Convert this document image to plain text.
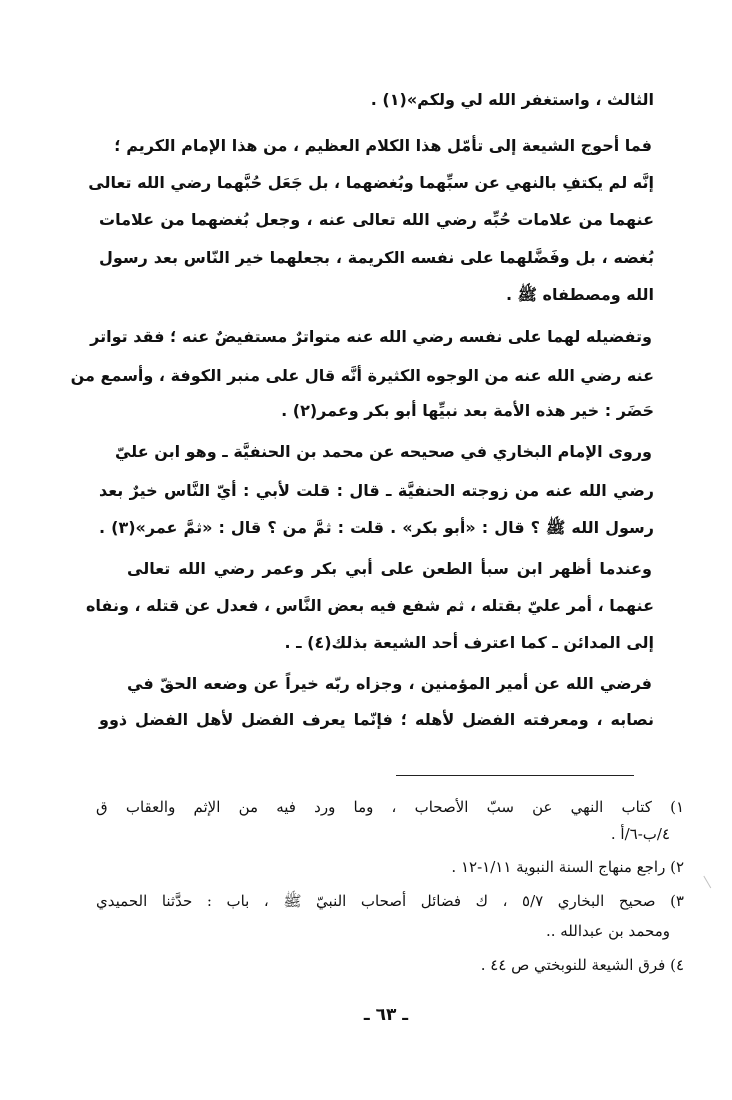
الثالث ، واستغفر الله لي ولكم»(١) .
فما أحوج الشيعة إلى تأمّل هذا الكلام العظيم ، من هذا الإمام الكريم ؛
إنَّه لم يكتفِ بالنهي عن سبِّهما وبُغضهما ، بل جَعَل حُبَّهما رضي الله تعالى
عنهما من علامات حُبِّه رضي الله تعالى عنه ، وجعل بُغضهما من علامات
بُغضه ، بل وفَضَّلهما على نفسه الكريمة ، بجعلهما خير النّاس بعد رسول
الله ومصطفاه ﷺ .
وتفضيله لهما على نفسه رضي الله عنه متواترٌ مستفيضٌ عنه ؛ فقد تواتر
عنه رضي الله عنه من الوجوه الكثيرة أنَّه قال على منبر الكوفة ، وأسمع من
حَضَر : خير هذه الأمة بعد نبيِّها أبو بكر وعمر(٢) .
وروى الإمام البخاري في صحيحه عن محمد بن الحنفيَّة ـ وهو ابن عليّ
رضي الله عنه من زوجته الحنفيَّة ـ قال : قلت لأبي : أيّ النَّاس خيرٌ بعد
رسول الله ﷺ ؟ قال : «أبو بكر» . قلت : ثمَّ من ؟ قال : «ثمَّ عمر»(٣) .
وعندما أظهر ابن سبأ الطعن على أبي بكر وعمر رضي الله تعالى
عنهما ، أمر عليّ بقتله ، ثم شفع فيه بعض النَّاس ، فعدل عن قتله ، ونفاه
إلى المدائن ـ كما اعترف أحد الشيعة بذلك(٤) ـ .
فرضي الله عن أمير المؤمنين ، وجزاه ربّه خيراً عن وضعه الحقّ في
نصابه ، ومعرفته الفضل لأهله ؛ فإنّما يعرف الفضل لأهل الفضل ذوو
١) كتاب النهي عن سبّ الأصحاب ، وما ورد فيه من الإثم والعقاب ق
٤/ب-٦/أ .
٢) راجع منهاج السنة النبوية ١/١١-١٢ .
٣) صحيح البخاري ٥/٧ ، ك فضائل أصحاب النبيّ ﷺ ، باب : حدَّثنا الحميدي
ومحمد بن عبدالله ..
٤) فرق الشيعة للنوبختي ص ٤٤ .
ـ ٦٣ ـ
